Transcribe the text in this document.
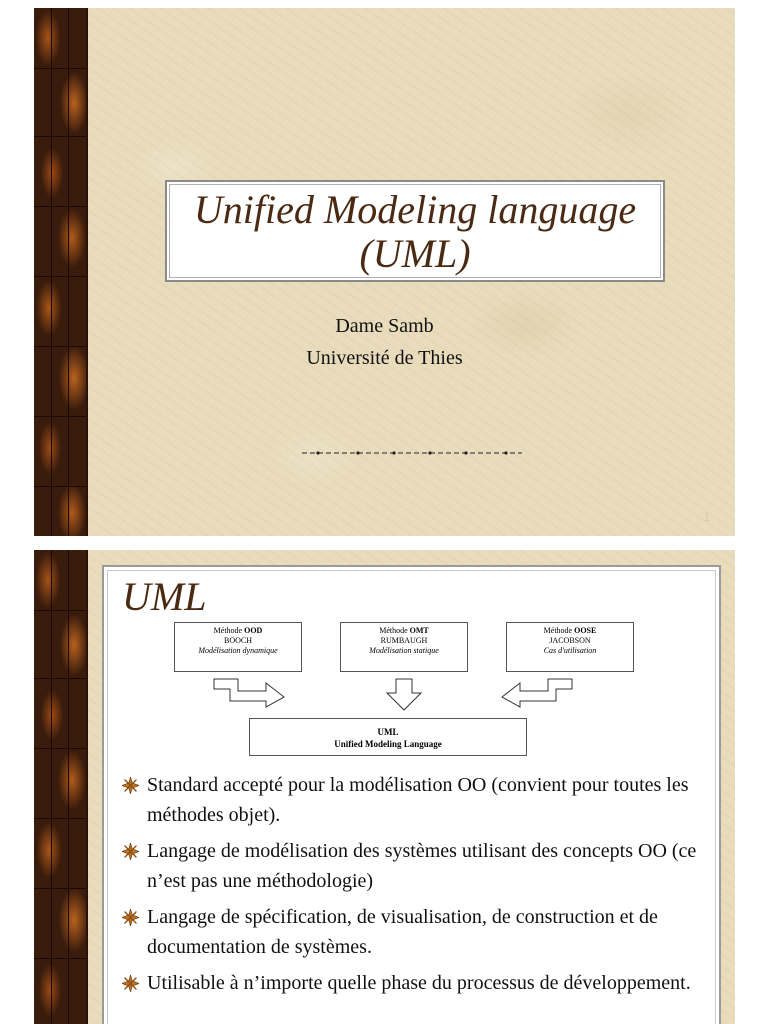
Unified Modeling language
(UML)
Dame Samb
Université de Thies
1
UML
Méthode OOD
BOOCH
Modélisation dynamique
Méthode OMT
RUMBAUGH
Modélisation statique
Méthode OOSE
JACOBSON
Cas d'utilisation
UML
Unified Modeling Language
Standard accepté pour la modélisation OO (convient pour toutes les méthodes objet).
Langage de modélisation des systèmes utilisant des concepts OO (ce n’est pas une méthodologie)
Langage de spécification, de visualisation, de construction et de documentation de systèmes.
Utilisable à n’importe quelle phase du processus de développement.
